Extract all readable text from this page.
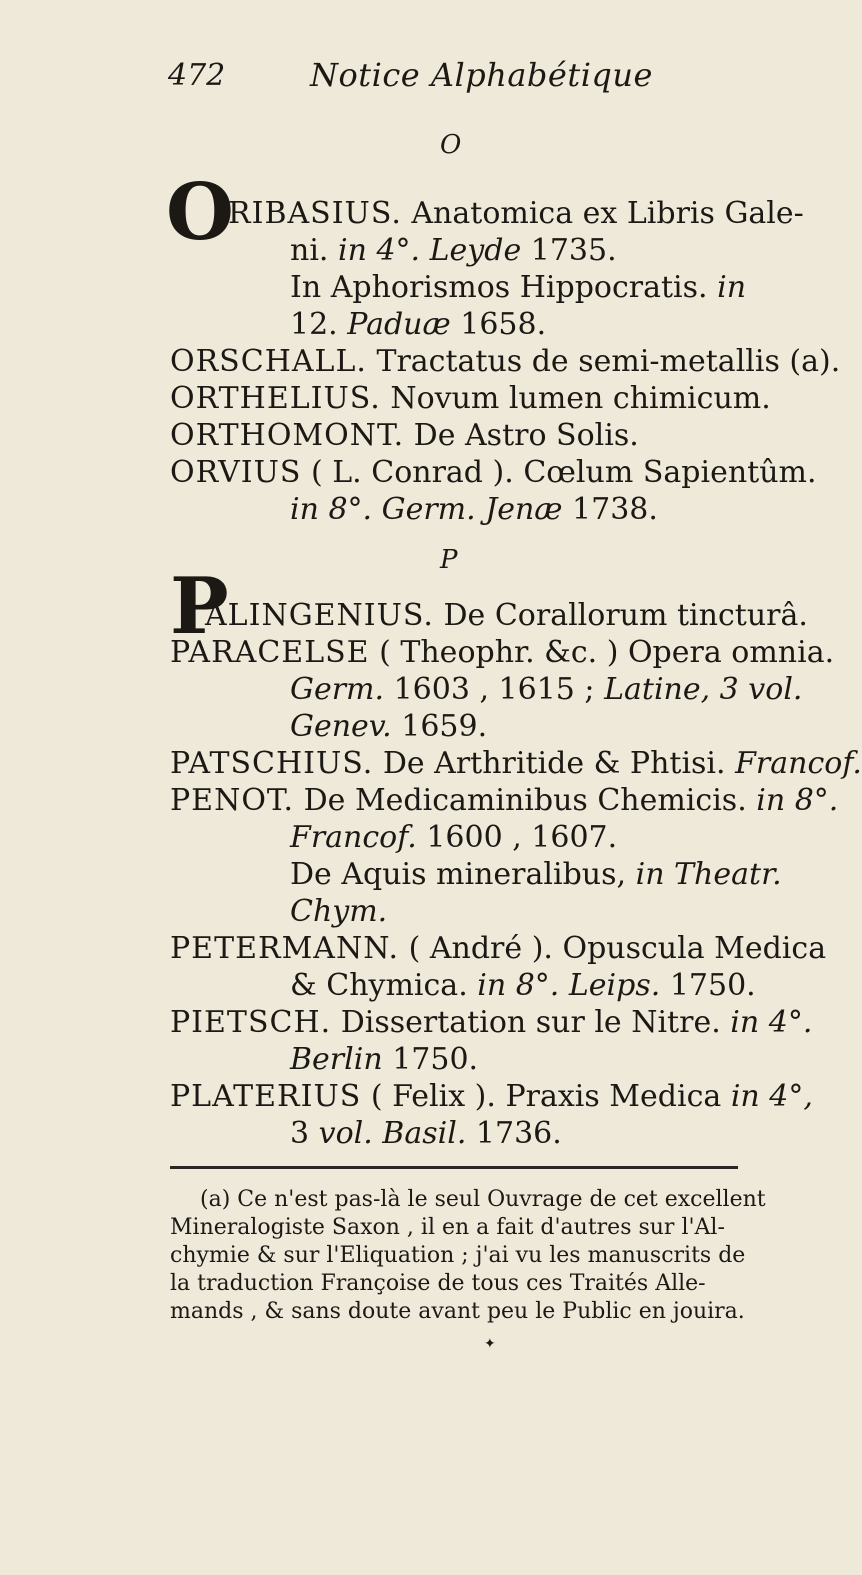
472	Notice Alphabétique
O
O
RIBASIUS. Anatomica ex Libris Gale-
ni. in 4°. Leyde 1735.
In Aphorismos Hippocratis. in
12. Paduæ 1658.
ORSCHALL. Tractatus de semi-metallis (a).
ORTHELIUS. Novum lumen chimicum.
ORTHOMONT. De Astro Solis.
ORVIUS ( L. Conrad ). Cœlum Sapientûm.
in 8°. Germ. Jenæ 1738.
P
P
ALINGENIUS. De Corallorum tincturâ.
PARACELSE ( Theophr. &c. ) Opera omnia.
Germ. 1603 , 1615 ; Latine, 3 vol.
Genev. 1659.
PATSCHIUS. De Arthritide & Phtisi. Francof.
PENOT. De Medicaminibus Chemicis. in 8°.
Francof. 1600 , 1607.
De Aquis mineralibus, in Theatr.
Chym.
PETERMANN. ( André ). Opuscula Medica
& Chymica. in 8°. Leips. 1750.
PIETSCH. Dissertation sur le Nitre. in 4°.
Berlin 1750.
PLATERIUS ( Felix ). Praxis Medica in 4°,
3 vol. Basil. 1736.
(a) Ce n'est pas-là le seul Ouvrage de cet excellent
Mineralogiste Saxon , il en a fait d'autres sur l'Al-
chymie & sur l'Eliquation ; j'ai vu les manuscrits de
la traduction Françoise de tous ces Traités Alle-
mands , & sans doute avant peu le Public en jouira.
✦
